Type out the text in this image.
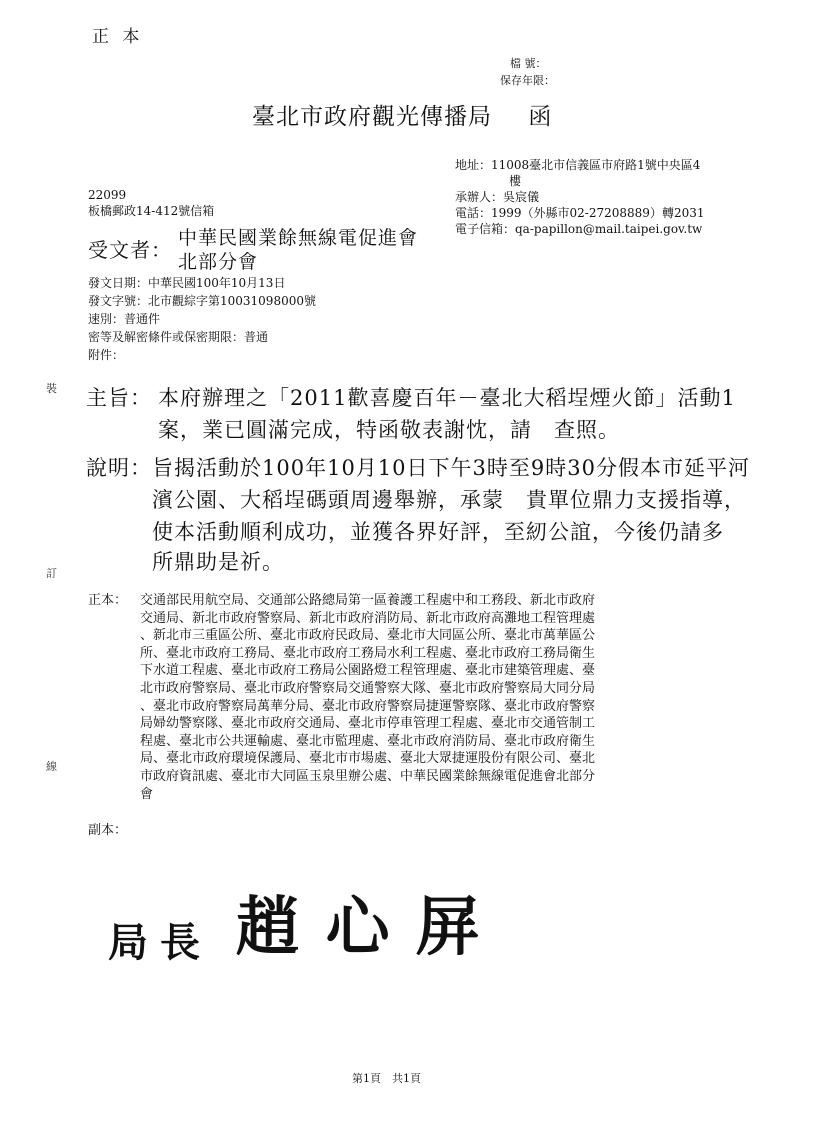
正 本
檔 號：
保存年限：
臺北市政府觀光傳播局 函
地址：11008臺北市信義區市府路1號中央區4
樓
承辦人：吳宸儀
電話：1999（外縣市02-27208889）轉2031
電子信箱：qa-papillon@mail.taipei.gov.tw
22099
板橋郵政14-412號信箱
受文者： 中華民國業餘無線電促進會
北部分會
發文日期：中華民國100年10月13日
發文字號：北市觀綜字第10031098000號
速別：普通件
密等及解密條件或保密期限：普通
附件：
裝
訂
線
主旨： 本府辦理之「2011歡喜慶百年－臺北大稻埕煙火節」活動1
案，業已圓滿完成，特函敬表謝忱，請　查照。
說明： 旨揭活動於100年10月10日下午3時至9時30分假本市延平河
濱公園、大稻埕碼頭周邊舉辦，承蒙　貴單位鼎力支援指導，
使本活動順利成功，並獲各界好評，至紉公誼，今後仍請多
所鼎助是祈。
正本： 交通部民用航空局、交通部公路總局第一區養護工程處中和工務段、新北市政府
交通局、新北市政府警察局、新北市政府消防局、新北市政府高灘地工程管理處
、新北市三重區公所、臺北市政府民政局、臺北市大同區公所、臺北市萬華區公
所、臺北市政府工務局、臺北市政府工務局水利工程處、臺北市政府工務局衛生
下水道工程處、臺北市政府工務局公園路燈工程管理處、臺北市建築管理處、臺
北市政府警察局、臺北市政府警察局交通警察大隊、臺北市政府警察局大同分局
、臺北市政府警察局萬華分局、臺北市政府警察局捷運警察隊、臺北市政府警察
局婦幼警察隊、臺北市政府交通局、臺北市停車管理工程處、臺北市交通管制工
程處、臺北市公共運輸處、臺北市監理處、臺北市政府消防局、臺北市政府衛生
局、臺北市政府環境保護局、臺北市市場處、臺北大眾捷運股份有限公司、臺北
市政府資訊處、臺北市大同區玉泉里辦公處、中華民國業餘無線電促進會北部分
會
副本：
局長 趙心屏
第1頁　共1頁
